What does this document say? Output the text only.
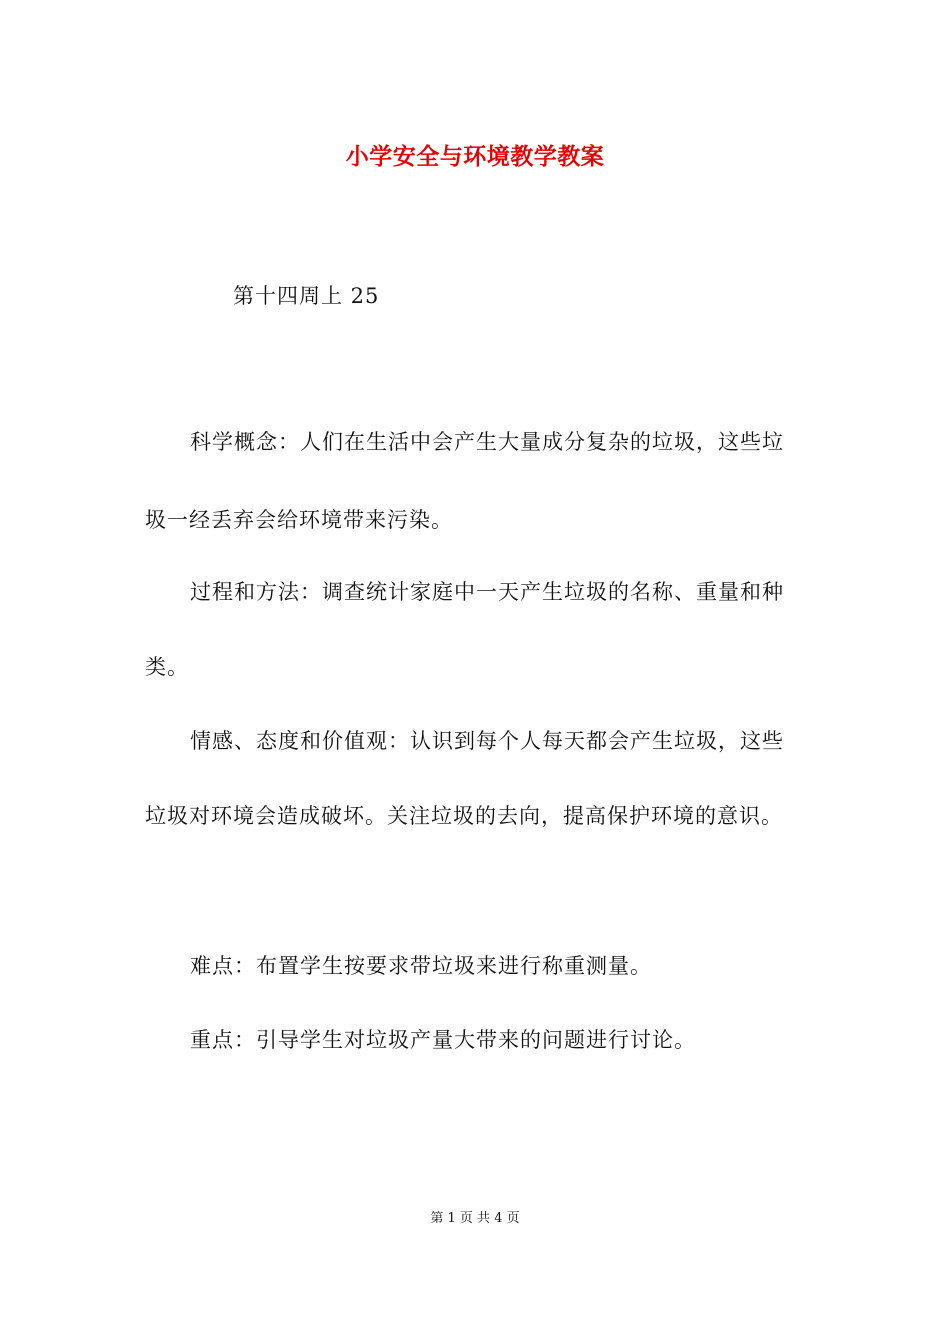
小学安全与环境教学教案
第十四周上 25
科学概念：人们在生活中会产生大量成分复杂的垃圾，这些垃
圾一经丢弃会给环境带来污染。
过程和方法：调查统计家庭中一天产生垃圾的名称、重量和种
类。
情感、态度和价值观：认识到每个人每天都会产生垃圾，这些
垃圾对环境会造成破坏。关注垃圾的去向，提高保护环境的意识。
难点：布置学生按要求带垃圾来进行称重测量。
重点：引导学生对垃圾产量大带来的问题进行讨论。
第 1 页 共 4 页
